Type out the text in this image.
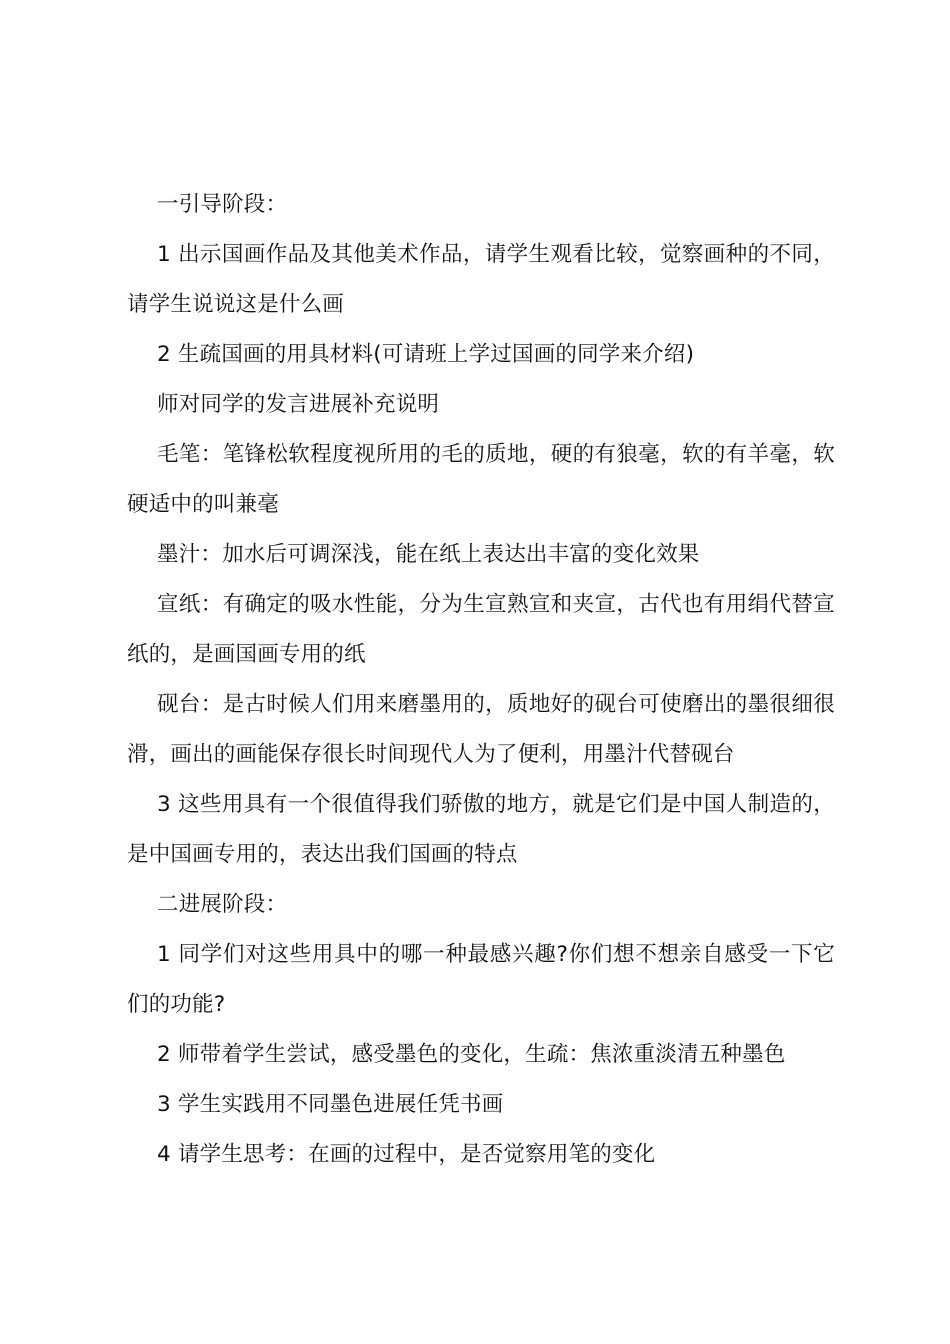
一引导阶段：

1 出示国画作品及其他美术作品，请学生观看比较，觉察画种的不同，请学生说说这是什么画

2 生疏国画的用具材料(可请班上学过国画的同学来介绍)

师对同学的发言进展补充说明

毛笔：笔锋松软程度视所用的毛的质地，硬的有狼毫，软的有羊毫，软硬适中的叫兼毫

墨汁：加水后可调深浅，能在纸上表达出丰富的变化效果

宣纸：有确定的吸水性能，分为生宣熟宣和夹宣，古代也有用绢代替宣纸的，是画国画专用的纸

砚台：是古时候人们用来磨墨用的，质地好的砚台可使磨出的墨很细很滑，画出的画能保存很长时间现代人为了便利，用墨汁代替砚台

3 这些用具有一个很值得我们骄傲的地方，就是它们是中国人制造的，是中国画专用的，表达出我们国画的特点

二进展阶段：

1 同学们对这些用具中的哪一种最感兴趣?你们想不想亲自感受一下它们的功能?

2 师带着学生尝试，感受墨色的变化，生疏：焦浓重淡清五种墨色

3 学生实践用不同墨色进展任凭书画

4 请学生思考：在画的过程中，是否觉察用笔的变化
